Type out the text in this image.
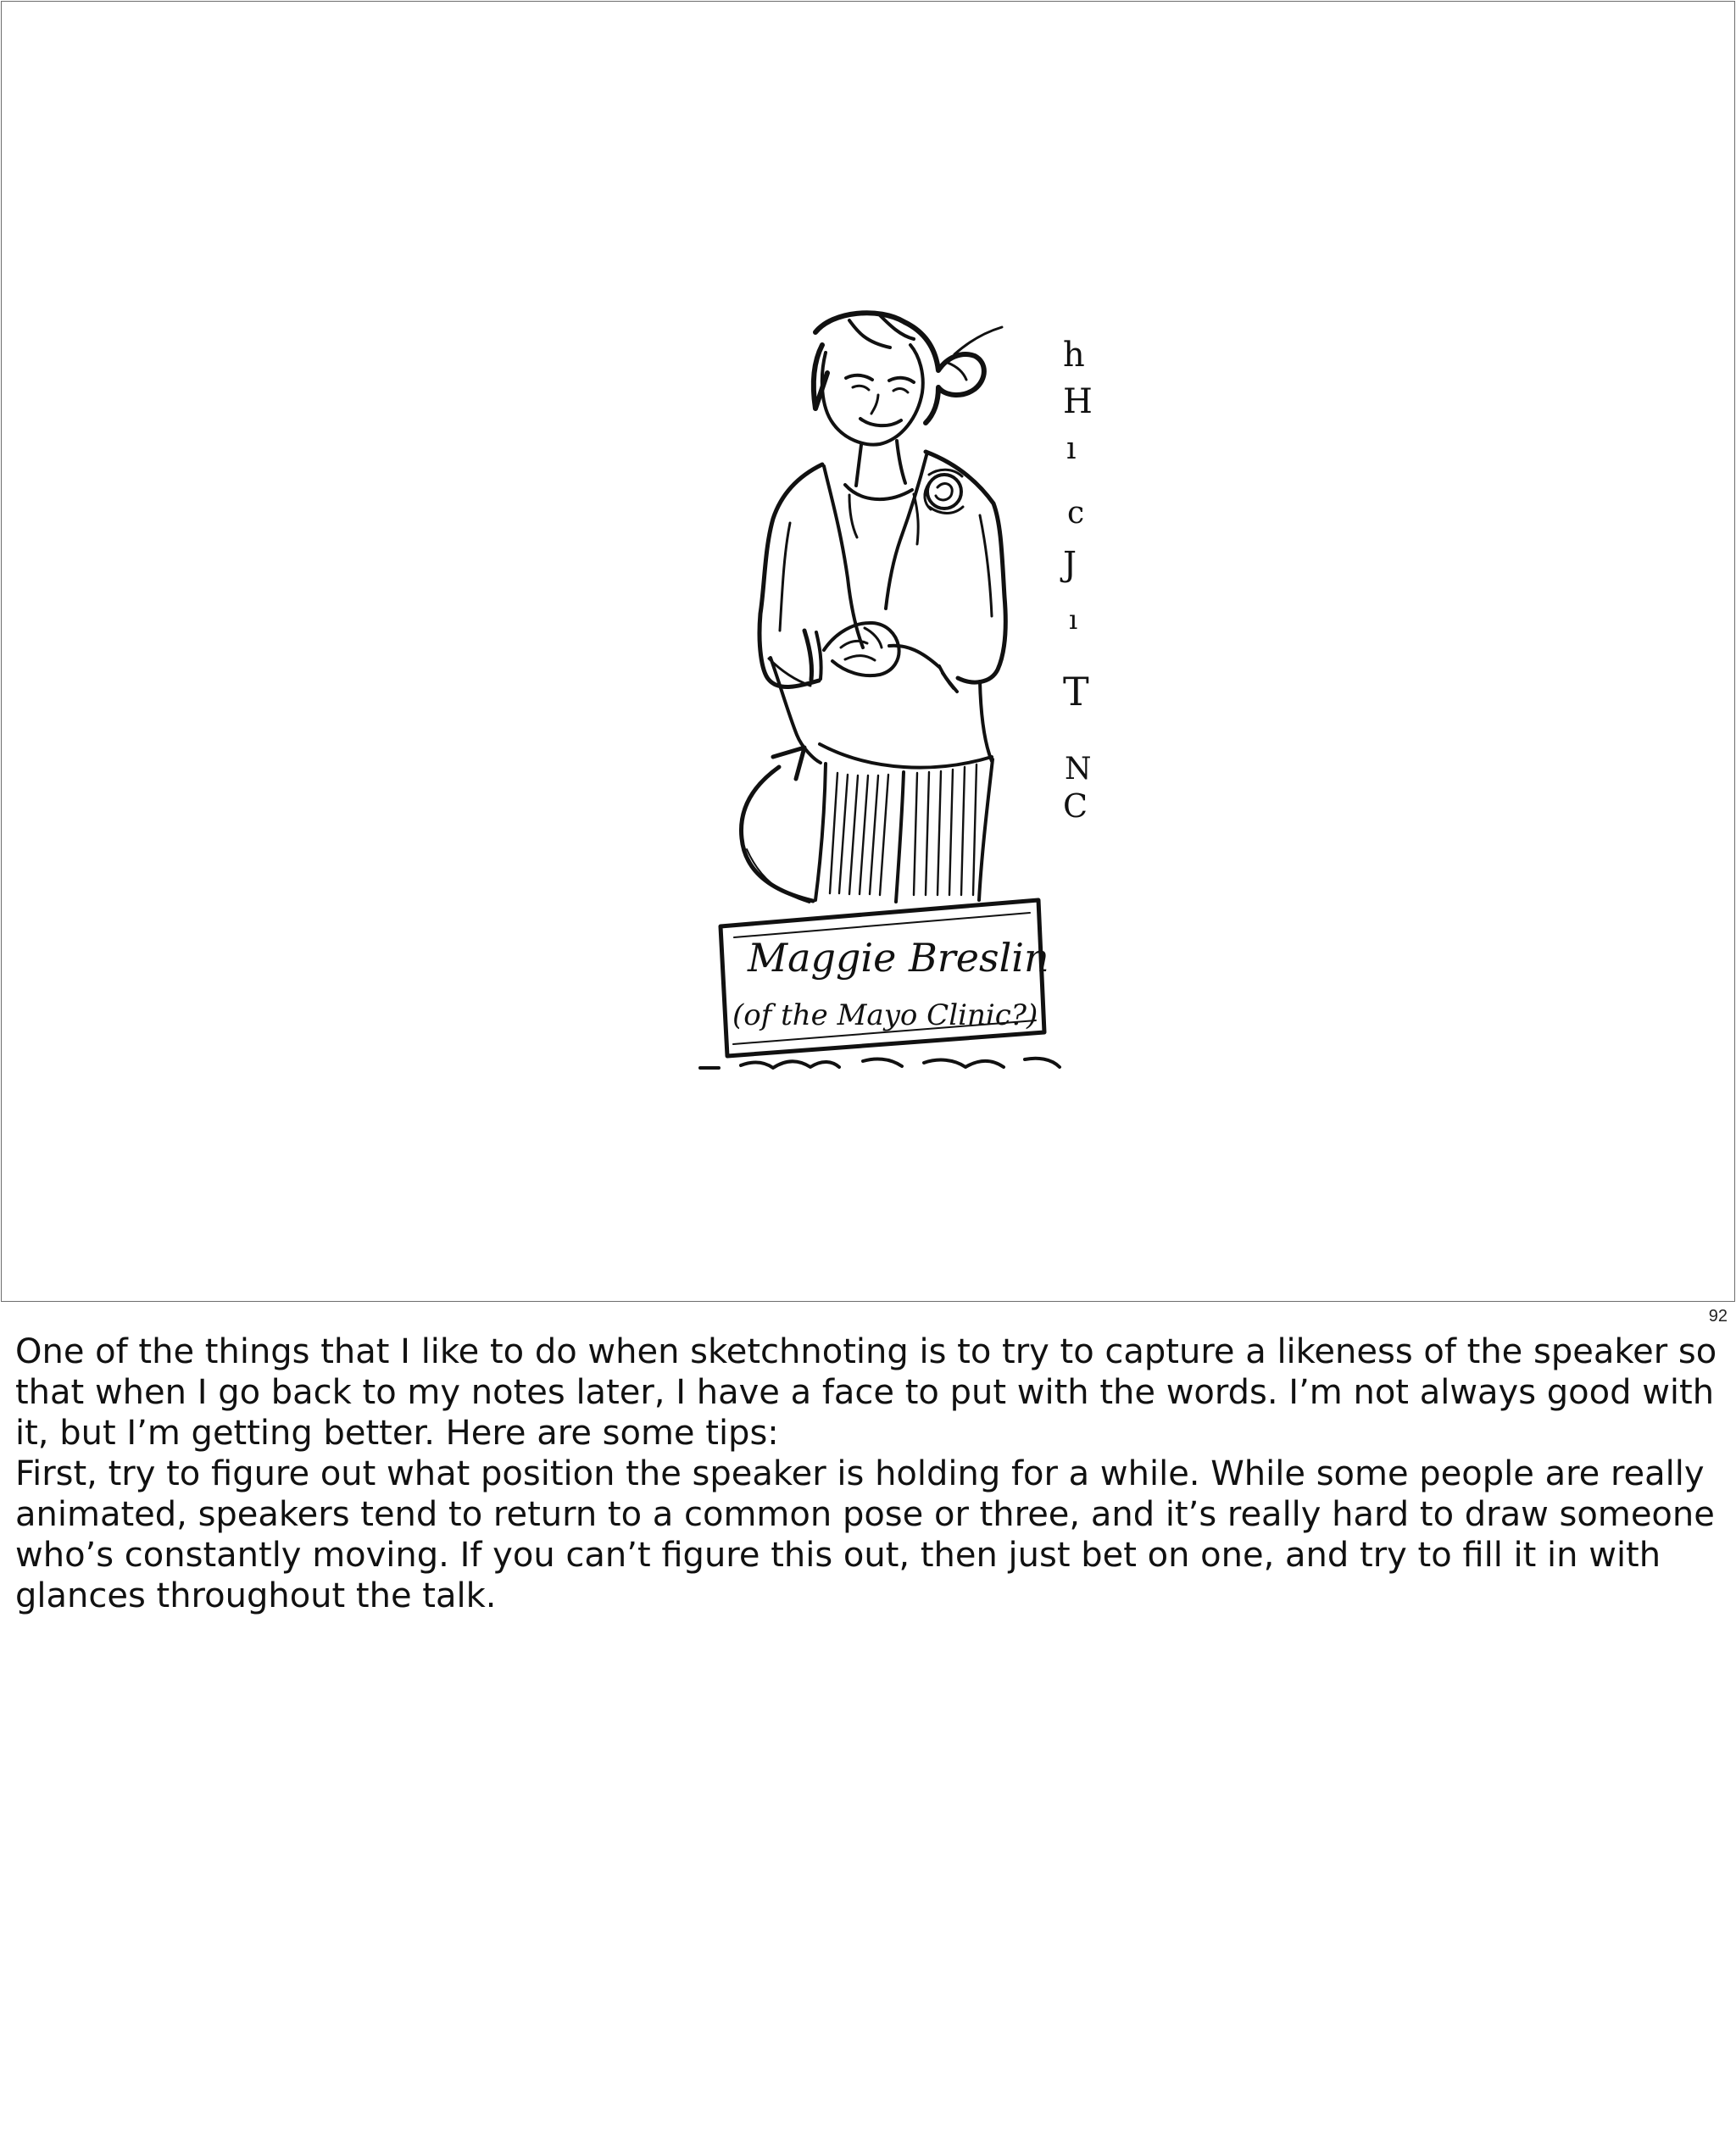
Maggie Breslin
(of the Mayo Clinic?)
h
H
ı
c
J
ı
T
N
C
92

One of the things that I like to do when sketchnoting is to try to capture a likeness of the speaker so that when I go back to my notes later, I have a face to put with the words. I’m not always good with it, but I’m getting better. Here are some tips:

First, try to figure out what position the speaker is holding for a while. While some people are really animated, speakers tend to return to a common pose or three, and it’s really hard to draw someone who’s constantly moving. If you can’t figure this out, then just bet on one, and try to fill it in with glances throughout the talk.
